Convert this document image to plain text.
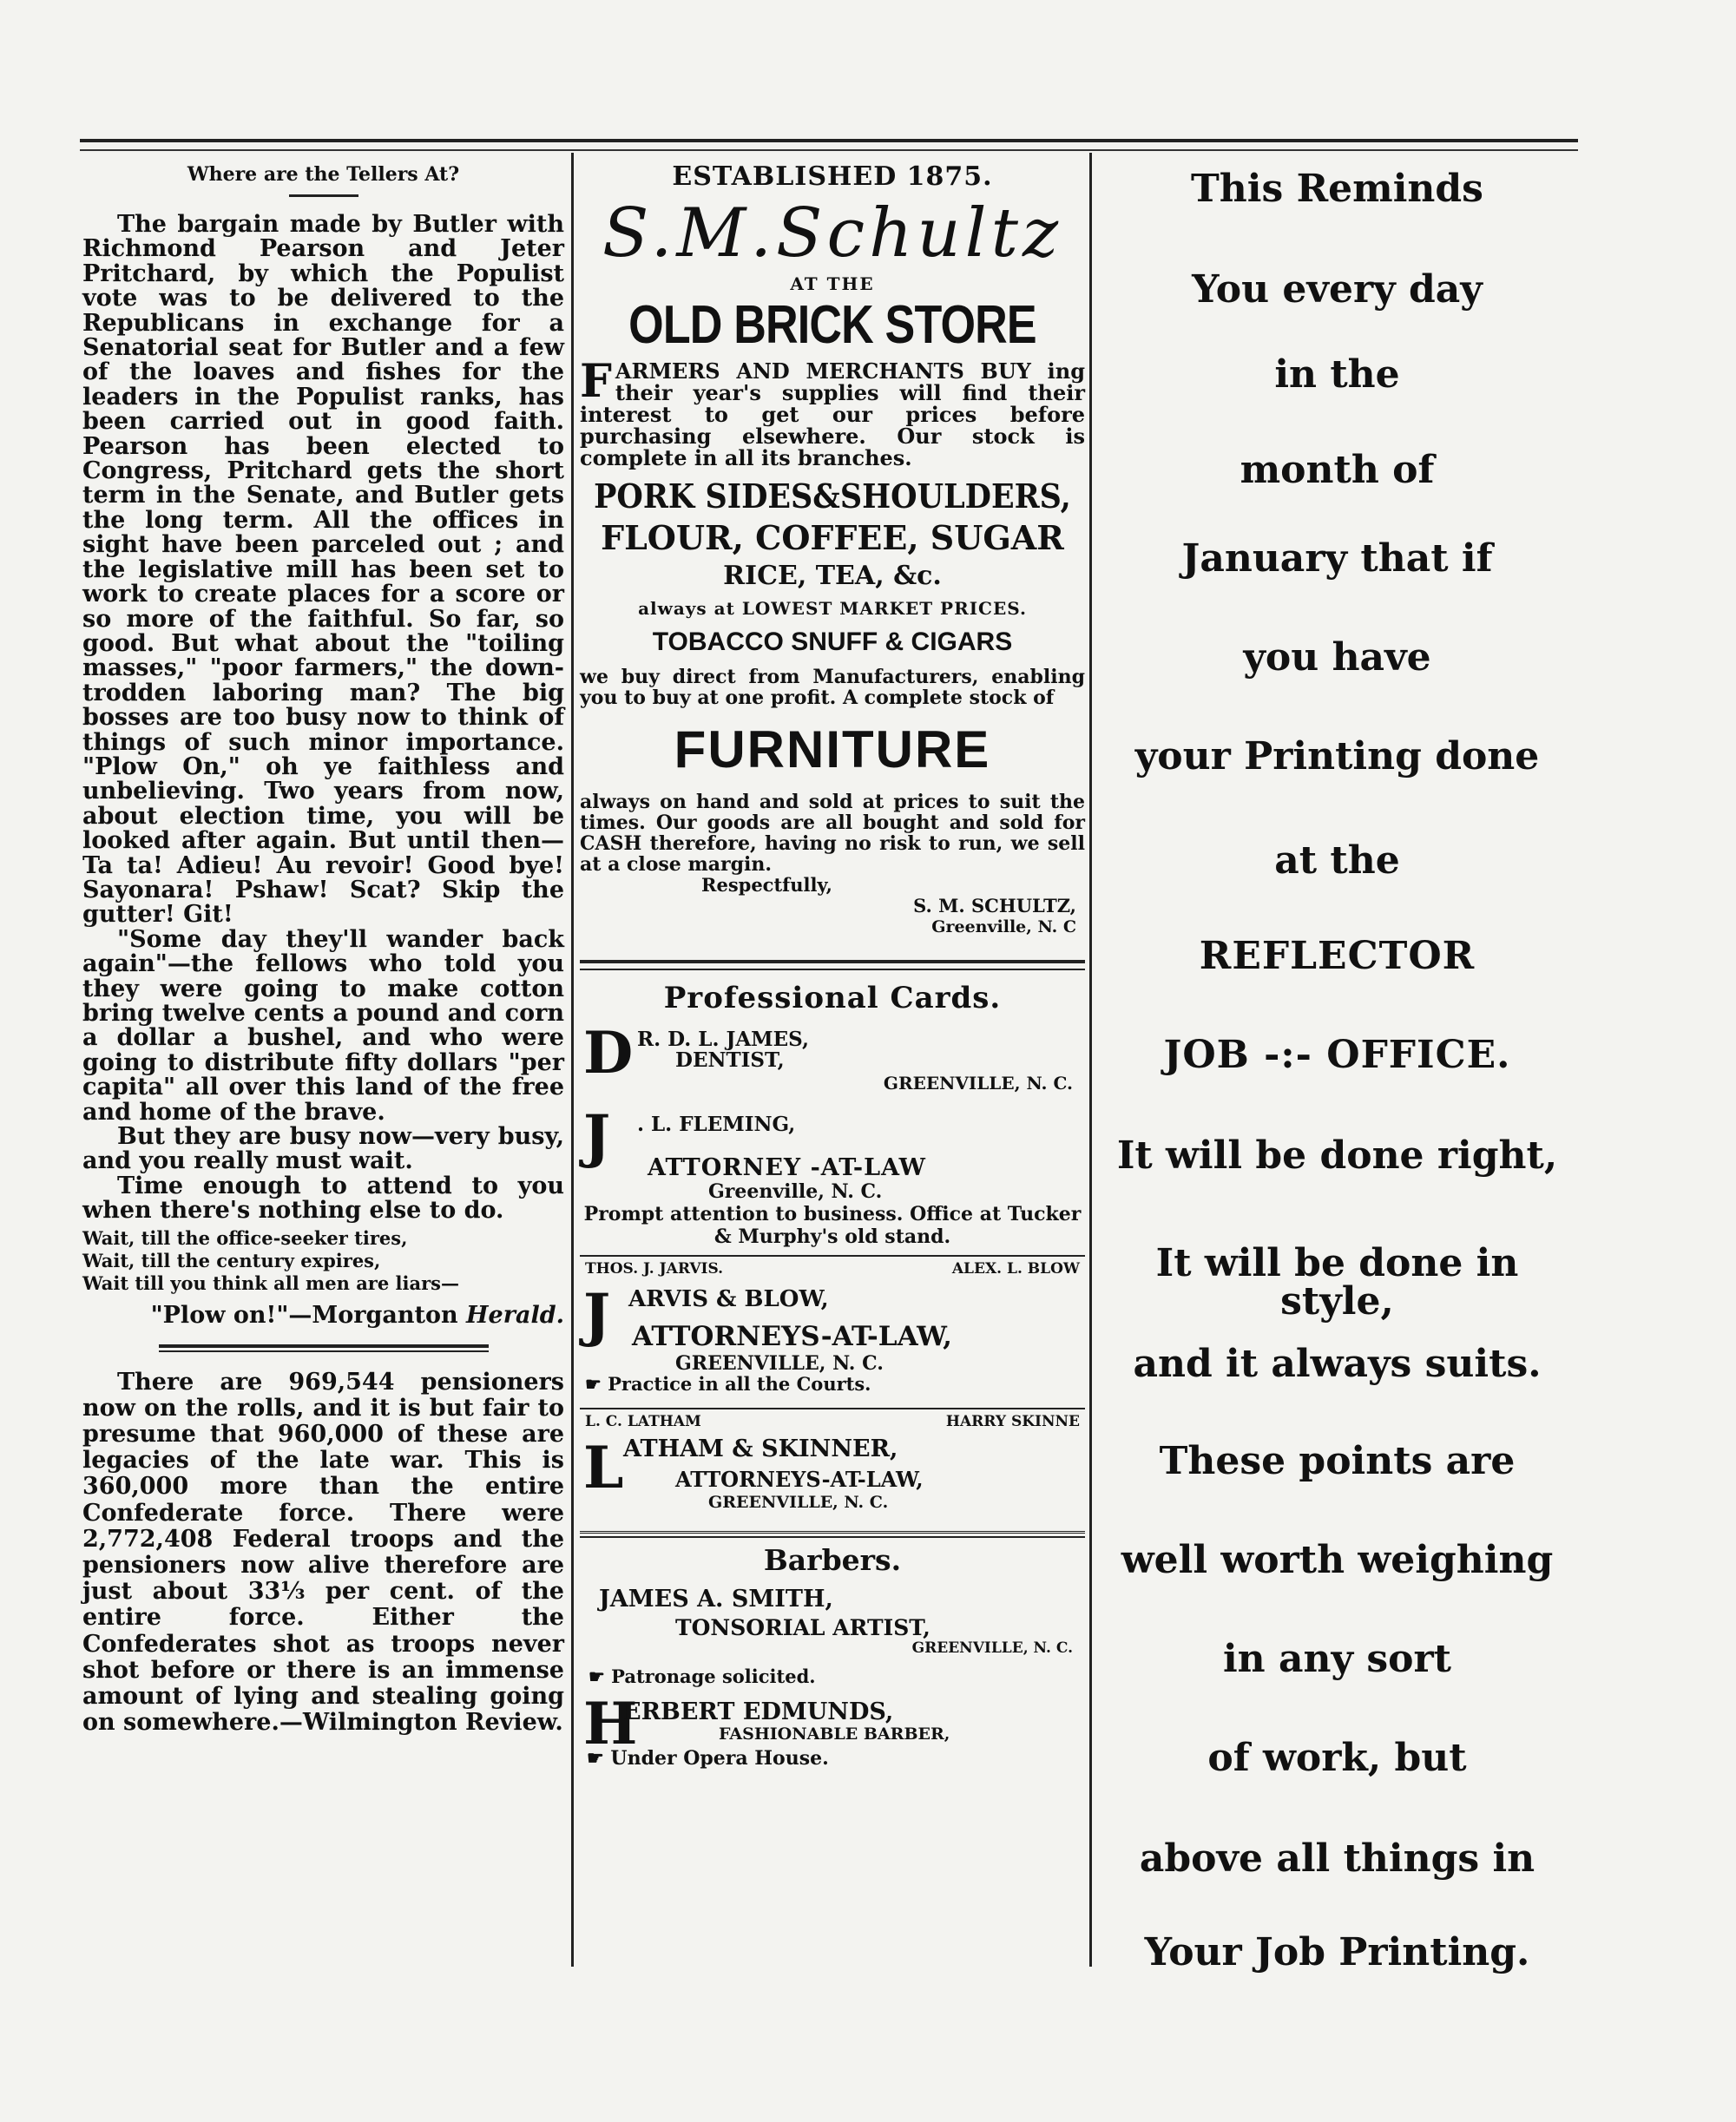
Where are the Tellers At?

The bargain made by Butler with Richmond Pearson and Jeter Pritchard, by which the Populist vote was to be delivered to the Republicans in exchange for a Senatorial seat for Butler and a few of the loaves and fishes for the leaders in the Populist ranks, has been carried out in good faith. Pearson has been elected to Congress, Pritchard gets the short term in the Senate, and Butler gets the long term. All the offices in sight have been parceled out ; and the legislative mill has been set to work to create places for a score or so more of the faithful. So far, so good. But what about the "toiling masses," "poor farmers," the down-trodden laboring man? The big bosses are too busy now to think of things of such minor importance. "Plow On," oh ye faithless and unbelieving. Two years from now, about election time, you will be looked after again. But until then—Ta ta! Adieu! Au revoir! Good bye! Sayonara! Pshaw! Scat? Skip the gutter! Git!

"Some day they'll wander back again"—the fellows who told you they were going to make cotton bring twelve cents a pound and corn a dollar a bushel, and who were going to distribute fifty dollars "per capita" all over this land of the free and home of the brave.

But they are busy now—very busy, and you really must wait.

Time enough to attend to you when there's nothing else to do.

Wait, till the office-seeker tires,
Wait, till the century expires,
Wait till you think all men are liars—
"Plow on!"—Morganton Herald.

There are 969,544 pensioners now on the rolls, and it is but fair to presume that 960,000 of these are legacies of the late war. This is 360,000 more than the entire Confederate force. There were 2,772,408 Federal troops and the pensioners now alive therefore are just about 33⅓ per cent. of the entire force. Either the Confederates shot as troops never shot before or there is an immense amount of lying and stealing going on somewhere.—Wilmington Review.

ESTABLISHED 1875.
S.M.Schultz
AT THE
OLD BRICK STORE
FARMERS AND MERCHANTS BUY ing their year's supplies will find their interest to get our prices before purchasing elsewhere. Our stock is complete in all its branches.
PORK SIDES&SHOULDERS,
FLOUR, COFFEE, SUGAR
RICE, TEA, &c.
always at LOWEST MARKET PRICES.
TOBACCO SNUFF & CIGARS
we buy direct from Manufacturers, enabling you to buy at one profit. A complete stock of
FURNITURE
always on hand and sold at prices to suit the times. Our goods are all bought and sold for CASH therefore, having no risk to run, we sell at a close margin.
Respectfully,
S. M. SCHULTZ,
Greenville, N. C
Professional Cards.
D R. D. L. JAMES,
DENTIST,
GREENVILLE, N. C.
J . L. FLEMING,
ATTORNEY -AT-LAW
Greenville, N. C.
Prompt attention to business. Office at Tucker & Murphy's old stand.
THOS. J. JARVIS.	ALEX. L. BLOW
J ARVIS & BLOW,
ATTORNEYS-AT-LAW,
GREENVILLE, N. C.
☛ Practice in all the Courts.
L. C. LATHAM	HARRY SKINNE
L ATHAM & SKINNER,
ATTORNEYS-AT-LAW,
GREENVILLE, N. C.
Barbers.
JAMES A. SMITH,
TONSORIAL ARTIST,
GREENVILLE, N. C.
☛ Patronage solicited.
H
ERBERT EDMUNDS,
FASHIONABLE BARBER,
☛ Under Opera House.
This Reminds
You every day
in the
month of
January that if
you have
your Printing done
at the
REFLECTOR
JOB -:- OFFICE.
It will be done right,
It will be done in style,
and it always suits.
These points are
well worth weighing
in any sort
of work, but
above all things in
Your Job Printing.
